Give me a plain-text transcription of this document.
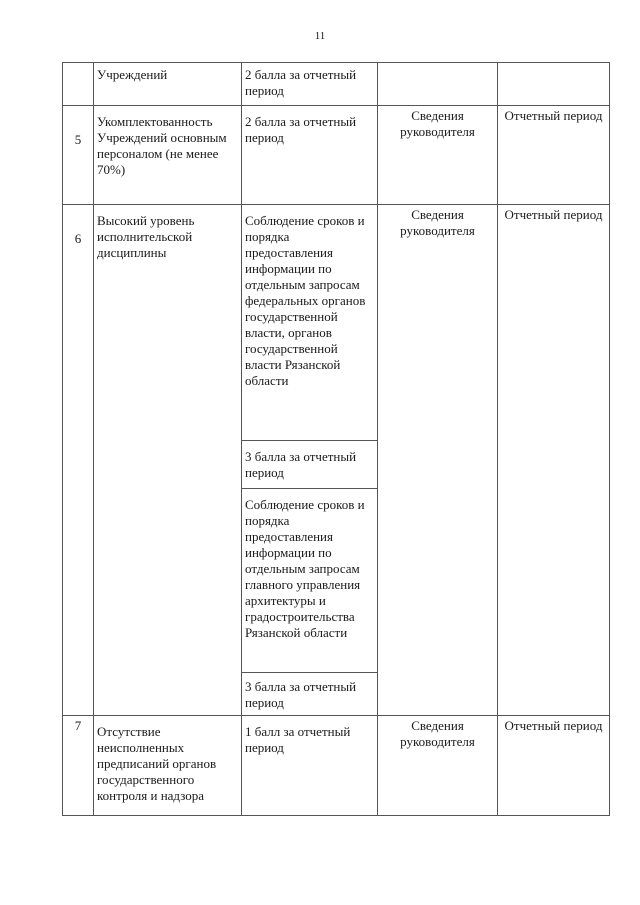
11
	Учреждений	2 балла за отчетный период		
5	Укомплектованность Учреждений основным персоналом (не менее 70%)	2 балла за отчетный период	Сведения руководителя	Отчетный период
6	Высокий уровень исполнительской дисциплины	Соблюдение сроков и порядка предоставления информации по отдельным запросам федеральных органов государственной власти, органов государственной власти Рязанской области	Сведения руководителя	Отчетный период
		3 балла за отчетный период		
		Соблюдение сроков и порядка предоставления информации по отдельным запросам главного управления архитектуры и градостроительства Рязанской области		
		3 балла за отчетный период		
7	Отсутствие неисполненных предписаний органов государственного контроля и надзора	1 балл за отчетный период	Сведения руководителя	Отчетный период
